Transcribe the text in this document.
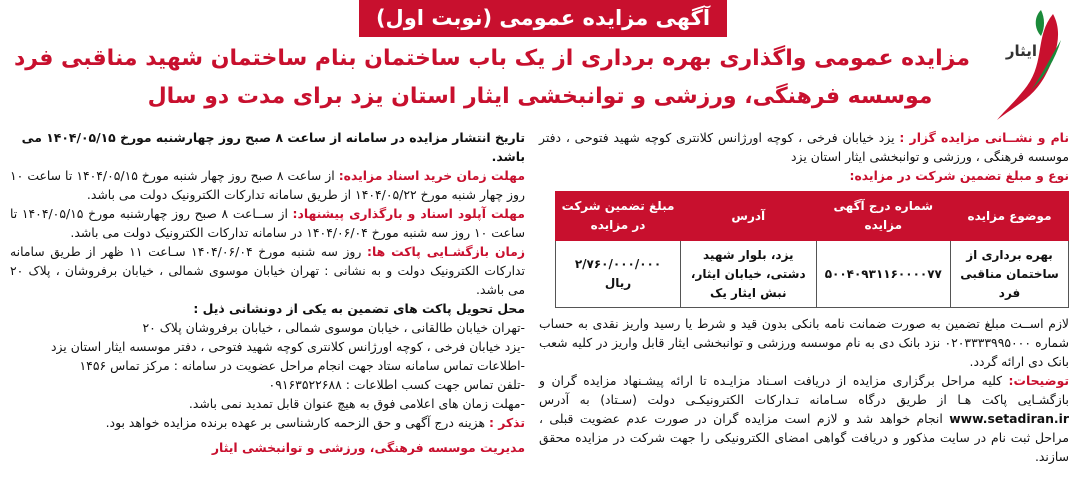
آگهی مزایده عمومی (نوبت اول)
ایثار
مزایده عمومی واگذاری بهره برداری از یک باب ساختمان بنام ساختمان شهید مناقبی فرد
موسسه فرهنگی، ورزشی و توانبخشی ایثار استان یزد برای مدت دو سال
نام و نشــانی مزایده گزار : یزد خیابان فرخی ، کوچه اورژانس کلانتری کوچه شهید فتوحی ، دفتر موسسه فرهنگی ، ورزشی و توانبخشی ایثار استان یزد
نوع و مبلغ تضمین شرکت در مزایده:
موضوع مزایده	شماره درج آگهی مزایده	آدرس	مبلغ تضمین شرکت در مزایده
بهره برداری از ساختمان مناقبی فرد	۵۰۰۴۰۹۳۱۱۶۰۰۰۰۷۷	یزد، بلوار شهید دشتی، خیابان ایثار، نبش ایثار یک	۲/۷۶۰/۰۰۰/۰۰۰ ریال
لازم اســت مبلغ تضمین به صورت ضمانت نامه بانکی بدون قید و شرط یا رسید واریز نقدی به حساب شماره ۰۲۰۳۳۳۳۹۹۵۰۰۰ نزد بانک دی به نام موسسه ورزشی و توانبخشی ایثار قابل واریز در کلیه شعب بانک دی ارائه گردد.
توضیحات: کلیه مراحل برگزاری مزایده از دریافت اسـناد مزایـده تا ارائه پیشـنهاد مزایده گران و بازگشـایی پاکت هـا از طریق درگاه سـامانه تـدارکات الکترونیکـی دولت (سـتاد) به آدرس www.setadiran.ir انجام خواهد شد و لازم است مزایده گران در صورت عدم عضویت قبلی ، مراحل ثبت نام در سایت مذکور و دریافت گواهی امضای الکترونیکی را جهت شرکت در مزایده محقق سازند.
تاریخ انتشار مزایده در سامانه از ساعت ۸ صبح روز چهارشنبه مورخ ۱۴۰۴/۰۵/۱۵ می باشد.
مهلت زمان خرید اسناد مزایده: از ساعت ۸ صبح روز چهار شنبه مورخ ۱۴۰۴/۰۵/۱۵ تا ساعت ۱۰ روز چهار شنبه مورخ ۱۴۰۴/۰۵/۲۲ از طریق سامانه تدارکات الکترونیک دولت می باشد.
مهلت آپلود اسناد و بارگذاری پیشنهاد: از ســاعت ۸ صبح روز چهارشنبه مورخ ۱۴۰۴/۰۵/۱۵ تا ساعت ۱۰ روز سه شنبه مورخ ۱۴۰۴/۰۶/۰۴ در سامانه تدارکات الکترونیک دولت می باشد.
زمان بازگشـایی پاکت ها: روز سه شنبه مورخ ۱۴۰۴/۰۶/۰۴ سـاعت ۱۱ ظهر از طریق سامانه تدارکات الکترونیک دولت و به نشانی : تهران خیابان موسوی شمالی ، خیابان برفروشان ، پلاک ۲۰ می باشد.
محل تحویل پاکت های تضمین به یکی از دونشانی ذیل :
-تهران خیابان طالقانی ، خیابان موسوی شمالی ، خیابان برفروشان پلاک ۲۰
-یزد خیابان فرخی ، کوچه اورژانس کلانتری کوچه شهید فتوحی ، دفتر موسسه ایثار استان یزد
-اطلاعات تماس سامانه ستاد جهت انجام مراحل عضویت در سامانه : مرکز تماس ۱۴۵۶
-تلفن تماس جهت کسب اطلاعات : ۰۹۱۶۳۵۲۲۶۸۸
-مهلت زمان های اعلامی فوق به هیچ عنوان قابل تمدید نمی باشد.
تذکر : هزینه درج آگهی و حق الزحمه کارشناسی بر عهده برنده مزایده خواهد بود.
مدیریت موسسه فرهنگی، ورزشی و توانبخشی ایثار
